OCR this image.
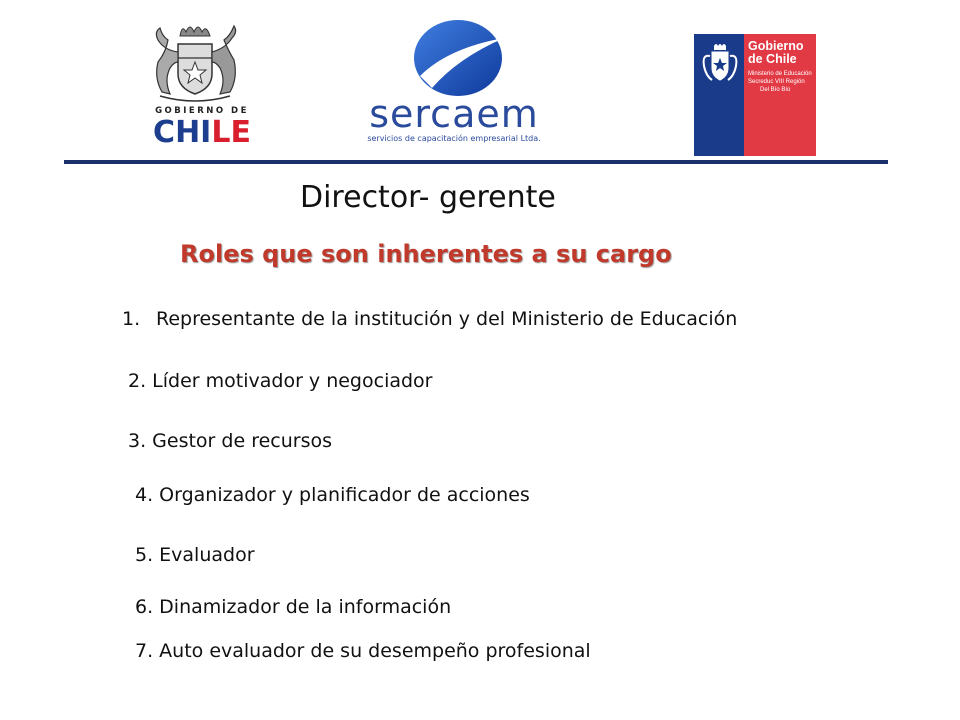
GOBIERNO DE
CHILE	sercaem
servicios de capacitación empresarial Ltda.
Gobierno
de Chile
Ministerio de Educación
Secreduc VIII Región
Del Bío Bío
Director- gerente
Roles que son inherentes a su cargo
1. Representante de la institución y del Ministerio de Educación
2. Líder motivador y negociador
3. Gestor de recursos
4. Organizador y planificador de acciones
5. Evaluador
6. Dinamizador de la información
7. Auto evaluador de su desempeño profesional
